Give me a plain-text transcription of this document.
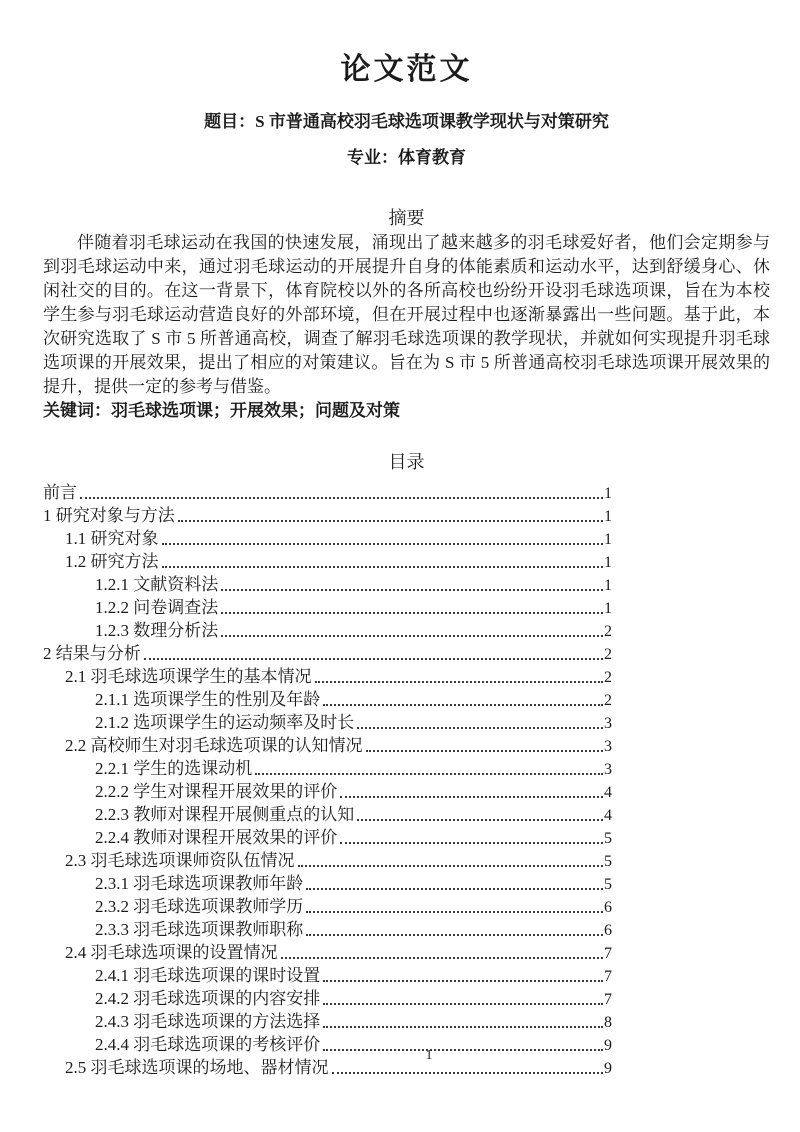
论文范文
题目：S 市普通高校羽毛球选项课教学现状与对策研究
专业：体育教育
摘要
伴随着羽毛球运动在我国的快速发展，涌现出了越来越多的羽毛球爱好者，他们会定期参与到羽毛球运动中来，通过羽毛球运动的开展提升自身的体能素质和运动水平，达到舒缓身心、休闲社交的目的。在这一背景下，体育院校以外的各所高校也纷纷开设羽毛球选项课，旨在为本校学生参与羽毛球运动营造良好的外部环境，但在开展过程中也逐渐暴露出一些问题。基于此，本次研究选取了 S 市 5 所普通高校，调查了解羽毛球选项课的教学现状，并就如何实现提升羽毛球选项课的开展效果，提出了相应的对策建议。旨在为 S 市 5 所普通高校羽毛球选项课开展效果的提升，提供一定的参考与借鉴。
关键词：羽毛球选项课；开展效果；问题及对策
目录
前言	1
1 研究对象与方法	1
1.1 研究对象	1
1.2 研究方法	1
1.2.1 文献资料法	1
1.2.2 问卷调查法	1
1.2.3 数理分析法	2
2 结果与分析	2
2.1 羽毛球选项课学生的基本情况	2
2.1.1 选项课学生的性别及年龄	2
2.1.2 选项课学生的运动频率及时长	3
2.2 高校师生对羽毛球选项课的认知情况	3
2.2.1 学生的选课动机	3
2.2.2 学生对课程开展效果的评价	4
2.2.3 教师对课程开展侧重点的认知	4
2.2.4 教师对课程开展效果的评价	5
2.3 羽毛球选项课师资队伍情况	5
2.3.1 羽毛球选项课教师年龄	5
2.3.2 羽毛球选项课教师学历	6
2.3.3 羽毛球选项课教师职称	6
2.4 羽毛球选项课的设置情况	7
2.4.1 羽毛球选项课的课时设置	7
2.4.2 羽毛球选项课的内容安排	7
2.4.3 羽毛球选项课的方法选择	8
2.4.4 羽毛球选项课的考核评价	9
2.5 羽毛球选项课的场地、器材情况	9
1
